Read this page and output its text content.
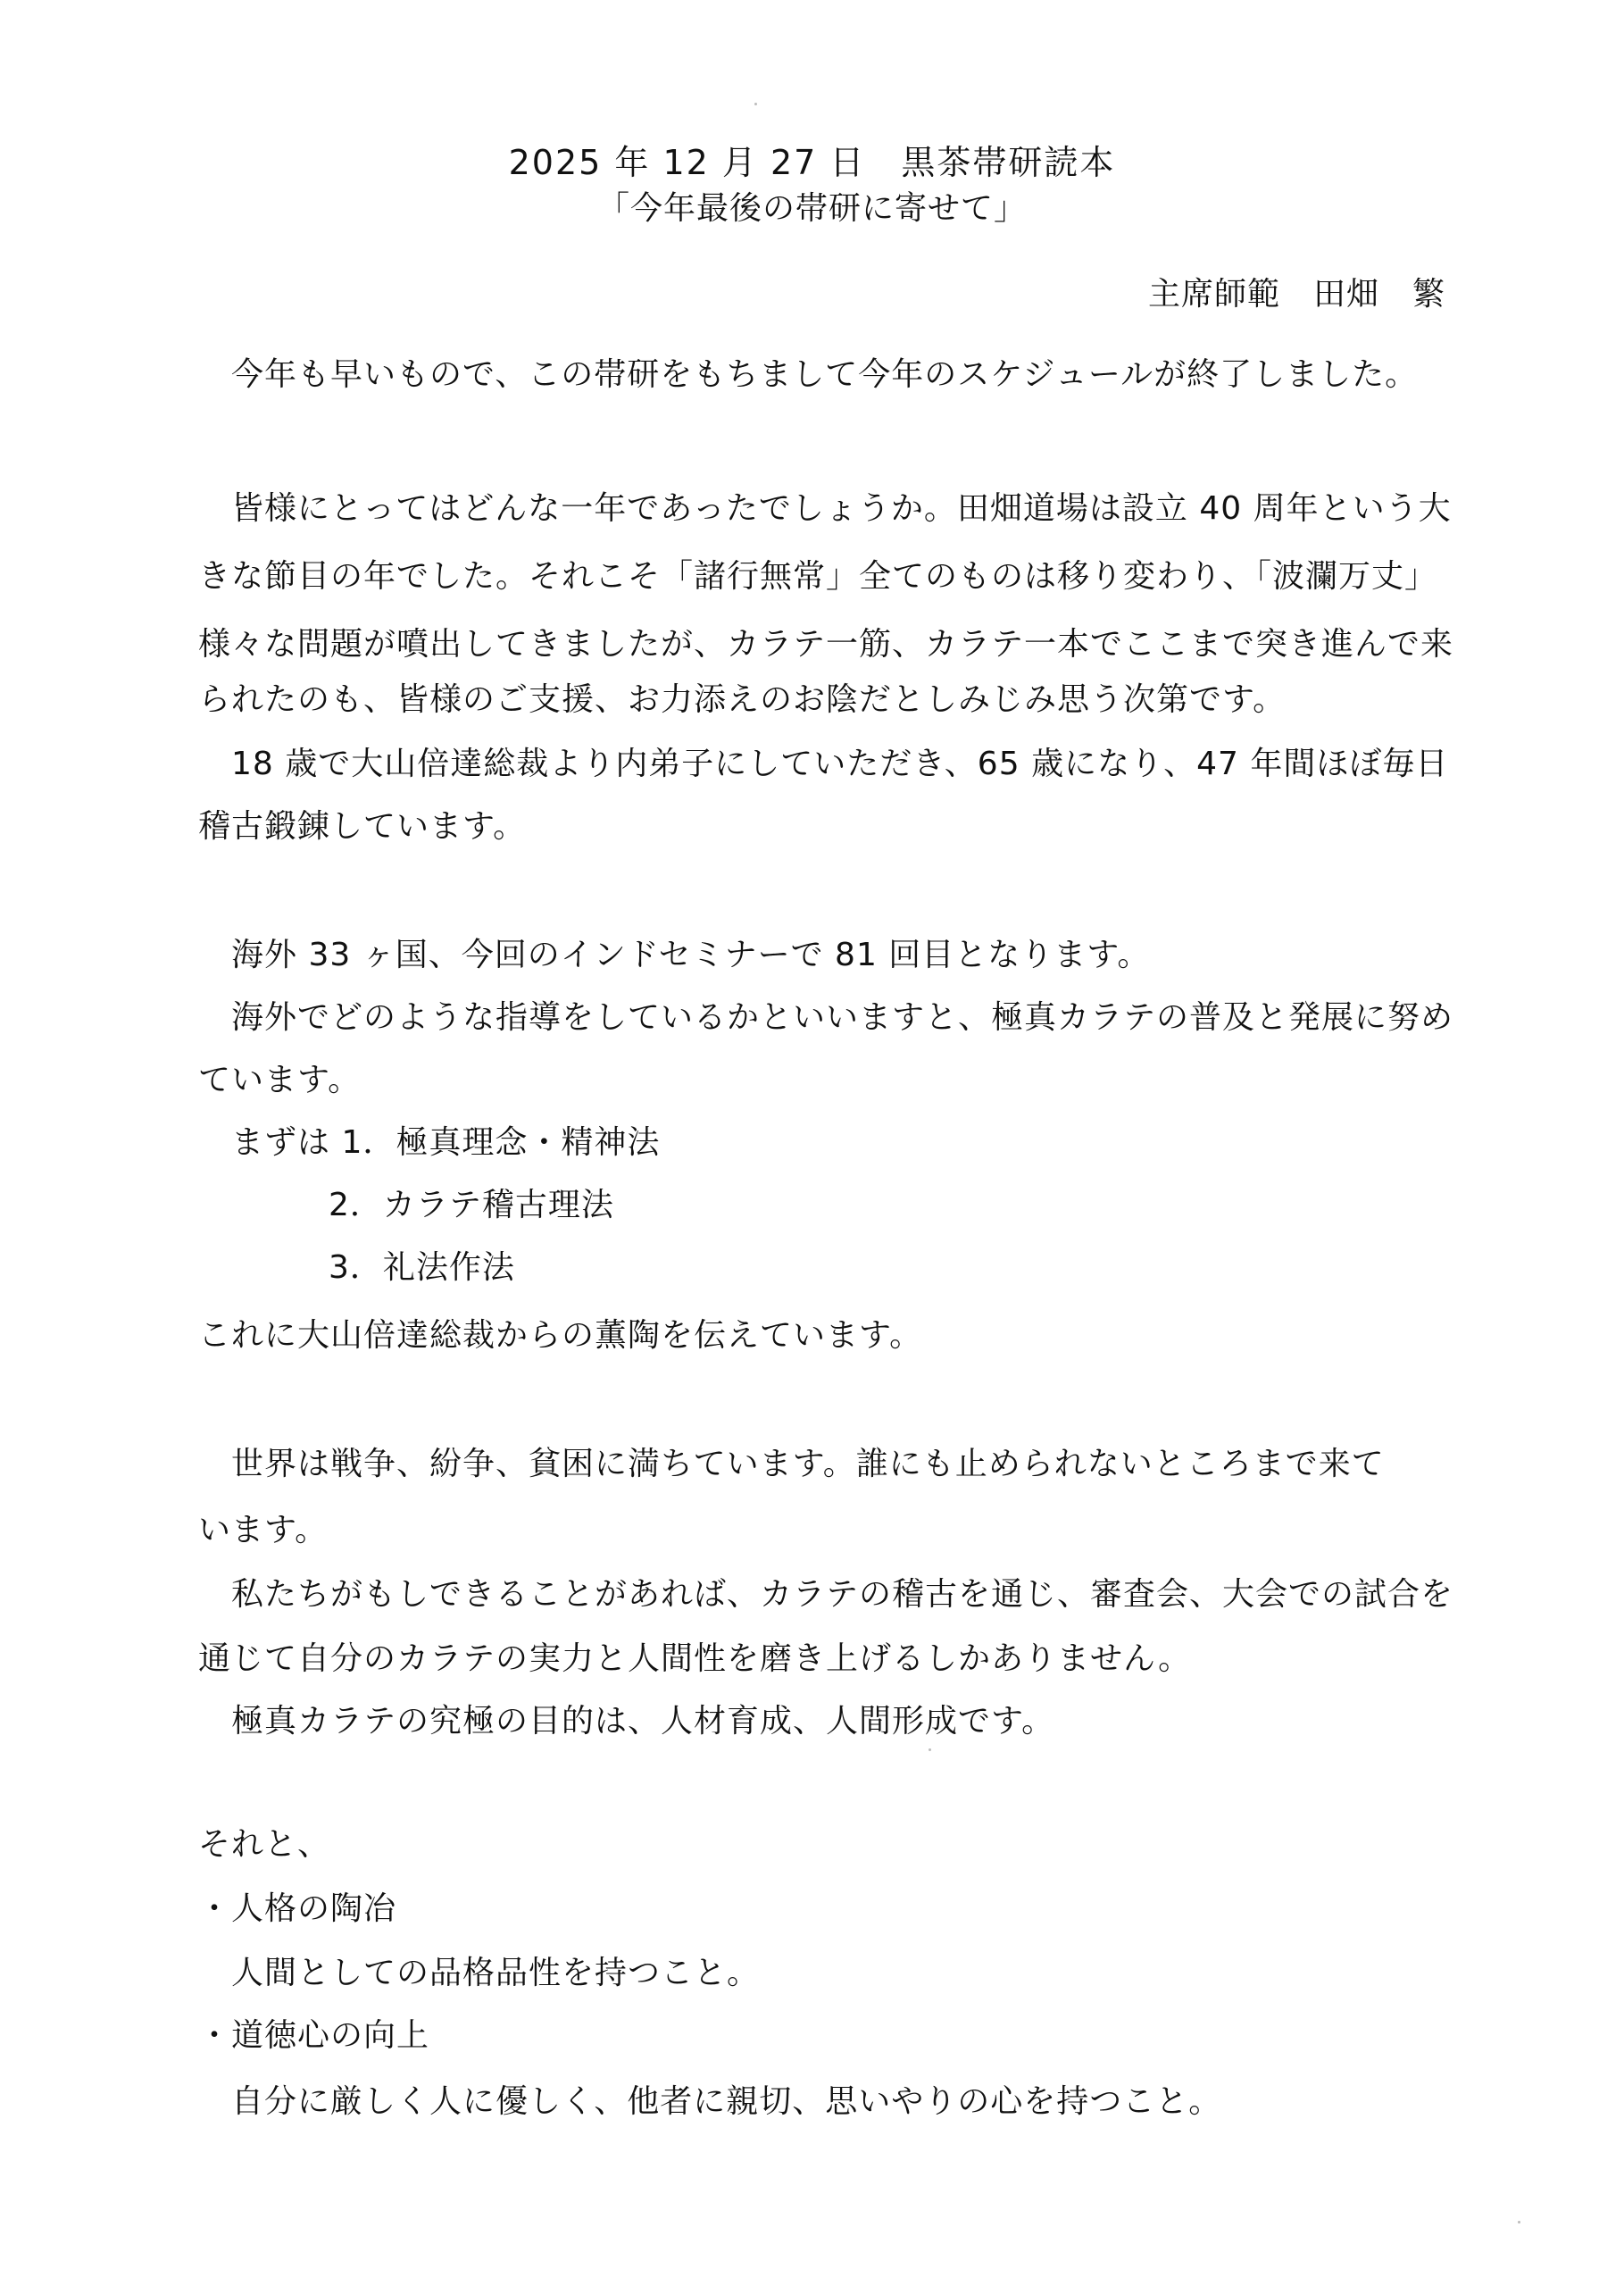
2025 年 12 月 27 日　黒茶帯研読本
「今年最後の帯研に寄せて」
主席師範　田畑　繁
　今年も早いもので、この帯研をもちまして今年のスケジュールが終了しました。
　皆様にとってはどんな一年であったでしょうか。田畑道場は設立 40 周年という大
きな節目の年でした。それこそ「諸行無常」全てのものは移り変わり、「波瀾万丈」
様々な問題が噴出してきましたが、カラテ一筋、カラテ一本でここまで突き進んで来
られたのも、皆様のご支援、お力添えのお陰だとしみじみ思う次第です。
　18 歳で大山倍達総裁より内弟子にしていただき、65 歳になり、47 年間ほぼ毎日
稽古鍛錬しています。
　海外 33 ヶ国、今回のインドセミナーで 81 回目となります。
　海外でどのような指導をしているかといいますと、極真カラテの普及と発展に努め
ています。
　まずは 1．極真理念・精神法
2．カラテ稽古理法
3．礼法作法
これに大山倍達総裁からの薫陶を伝えています。
　世界は戦争、紛争、貧困に満ちています。誰にも止められないところまで来て
います。
　私たちがもしできることがあれば、カラテの稽古を通じ、審査会、大会での試合を
通じて自分のカラテの実力と人間性を磨き上げるしかありません。
　極真カラテの究極の目的は、人材育成、人間形成です。
それと、
・人格の陶冶
　人間としての品格品性を持つこと。
・道徳心の向上
　自分に厳しく人に優しく、他者に親切、思いやりの心を持つこと。
